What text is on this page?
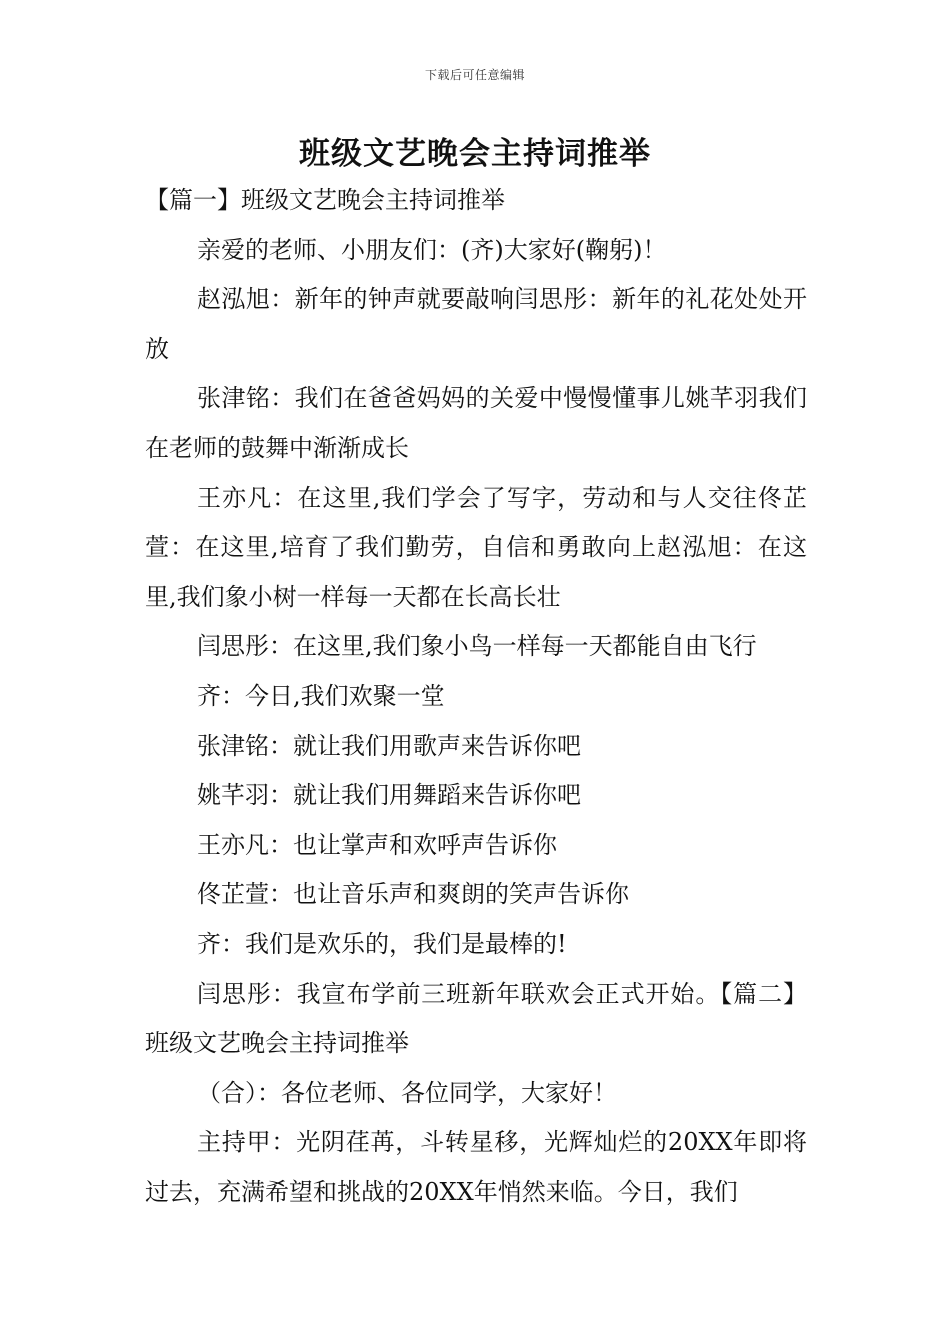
下载后可任意编辑
班级文艺晚会主持词推举

【篇一】班级文艺晚会主持词推举

亲爱的老师、小朋友们：(齐)大家好(鞠躬)！

赵泓旭：新年的钟声就要敲响闫思彤：新年的礼花处处开放

张津铭：我们在爸爸妈妈的关爱中慢慢懂事儿姚芊羽我们在老师的鼓舞中渐渐成长

王亦凡：在这里,我们学会了写字，劳动和与人交往佟芷萱：在这里,培育了我们勤劳，自信和勇敢向上赵泓旭：在这里,我们象小树一样每一天都在长高长壮

闫思彤：在这里,我们象小鸟一样每一天都能自由飞行

齐：今日,我们欢聚一堂

张津铭：就让我们用歌声来告诉你吧

姚芊羽：就让我们用舞蹈来告诉你吧

王亦凡：也让掌声和欢呼声告诉你

佟芷萱：也让音乐声和爽朗的笑声告诉你

齐：我们是欢乐的，我们是最棒的!

闫思彤：我宣布学前三班新年联欢会正式开始。【篇二】班级文艺晚会主持词推举

（合）：各位老师、各位同学，大家好！

主持甲：光阴荏苒，斗转星移，光辉灿烂的20XX年即将过去，充满希望和挑战的20XX年悄然来临。今日，我们
